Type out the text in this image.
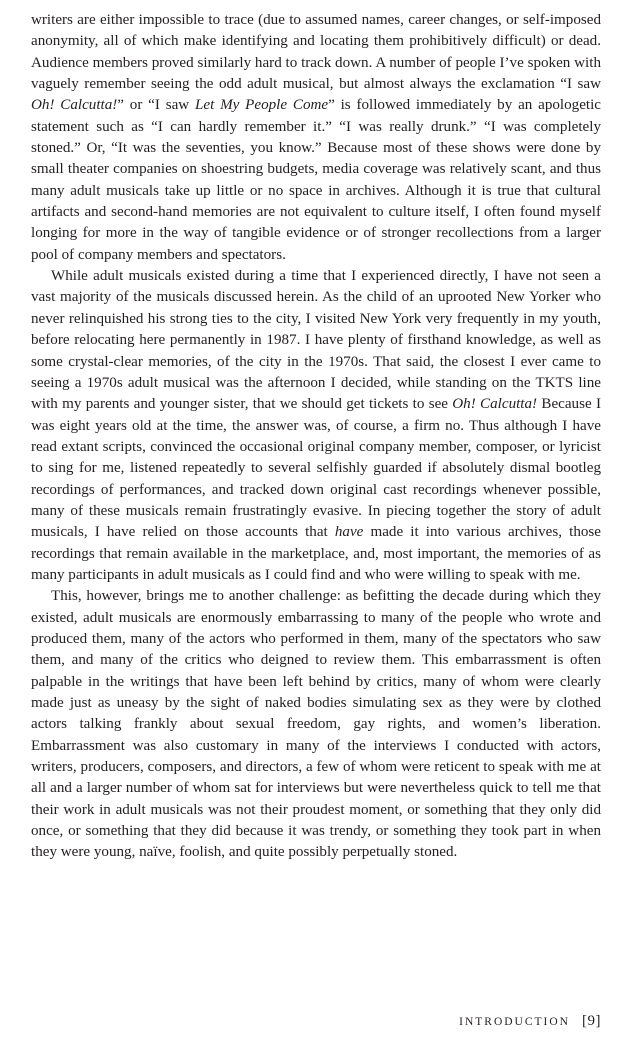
writers are either impossible to trace (due to assumed names, career changes, or self-imposed anonymity, all of which make identifying and locating them prohibitively difficult) or dead. Audience members proved similarly hard to track down. A number of people I’ve spoken with vaguely remember seeing the odd adult musical, but almost always the exclamation “I saw Oh! Calcutta!” or “I saw Let My People Come” is followed immediately by an apologetic statement such as “I can hardly remember it.” “I was really drunk.” “I was completely stoned.” Or, “It was the seventies, you know.” Because most of these shows were done by small theater companies on shoestring budgets, media coverage was relatively scant, and thus many adult musicals take up little or no space in archives. Although it is true that cultural artifacts and second-hand memories are not equivalent to culture itself, I often found myself longing for more in the way of tangible evidence or of stronger recollections from a larger pool of company members and spectators.

While adult musicals existed during a time that I experienced directly, I have not seen a vast majority of the musicals discussed herein. As the child of an uprooted New Yorker who never relinquished his strong ties to the city, I visited New York very frequently in my youth, before relocating here permanently in 1987. I have plenty of firsthand knowledge, as well as some crystal-clear memories, of the city in the 1970s. That said, the closest I ever came to seeing a 1970s adult musical was the afternoon I decided, while standing on the TKTS line with my parents and younger sister, that we should get tickets to see Oh! Calcutta! Because I was eight years old at the time, the answer was, of course, a firm no. Thus although I have read extant scripts, convinced the occasional original company member, composer, or lyricist to sing for me, listened repeatedly to several selfishly guarded if absolutely dismal bootleg recordings of performances, and tracked down original cast recordings whenever possible, many of these musicals remain frustratingly evasive. In piecing together the story of adult musicals, I have relied on those accounts that have made it into various archives, those recordings that remain available in the marketplace, and, most important, the memories of as many participants in adult musicals as I could find and who were willing to speak with me.

This, however, brings me to another challenge: as befitting the decade during which they existed, adult musicals are enormously embarrassing to many of the people who wrote and produced them, many of the actors who performed in them, many of the spectators who saw them, and many of the critics who deigned to review them. This embarrassment is often palpable in the writings that have been left behind by critics, many of whom were clearly made just as uneasy by the sight of naked bodies simulating sex as they were by clothed actors talking frankly about sexual freedom, gay rights, and women’s liberation. Embarrassment was also customary in many of the interviews I conducted with actors, writers, producers, composers, and directors, a few of whom were reticent to speak with me at all and a larger number of whom sat for interviews but were nevertheless quick to tell me that their work in adult musicals was not their proudest moment, or something that they only did once, or something that they did because it was trendy, or something they took part in when they were young, naïve, foolish, and quite possibly perpetually stoned.

INTRODUCTION [9]
